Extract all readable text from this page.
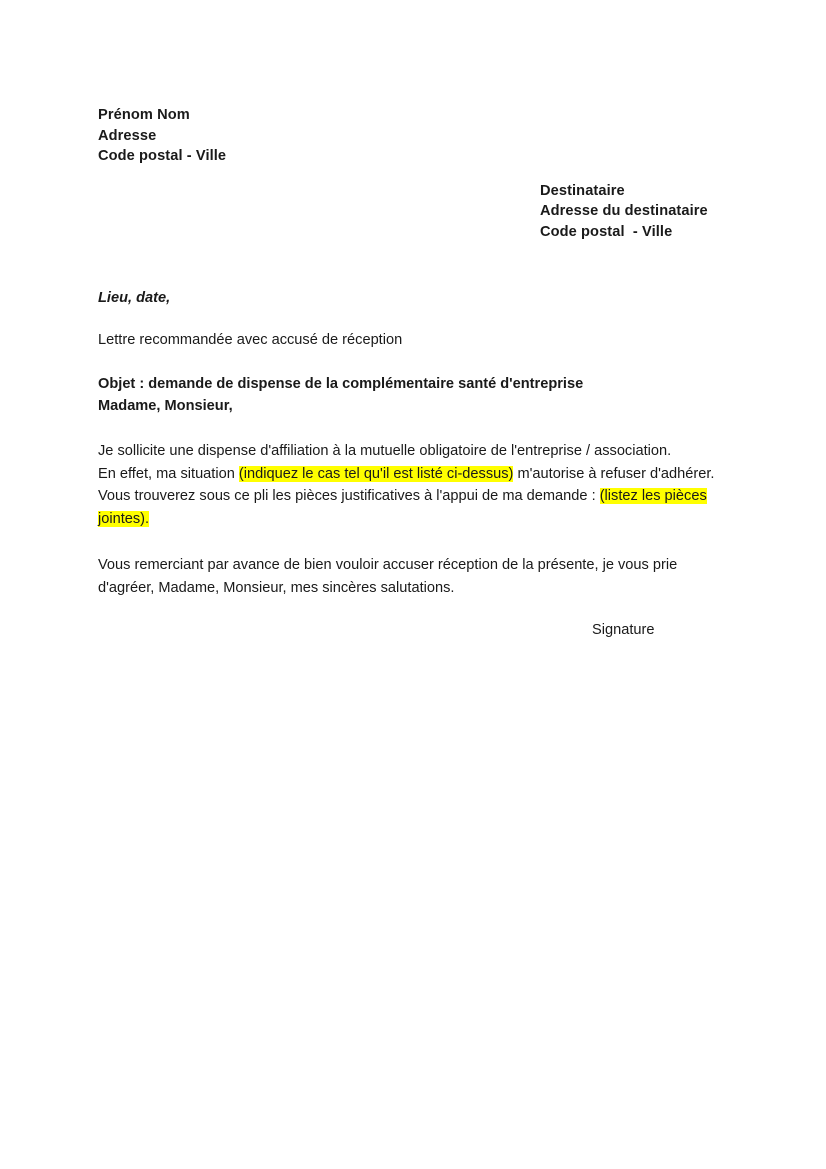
Prénom Nom
Adresse
Code postal - Ville
Destinataire
Adresse du destinataire
Code postal  - Ville

Lieu, date,

Lettre recommandée avec accusé de réception

Objet : demande de dispense de la complémentaire santé d'entreprise
Madame, Monsieur,

Je sollicite une dispense d'affiliation à la mutuelle obligatoire de l'entreprise / association.
En effet, ma situation (indiquez le cas tel qu'il est listé ci-dessus) m'autorise à refuser d'adhérer. Vous trouverez sous ce pli les pièces justificatives à l'appui de ma demande : (listez les pièces jointes).

Vous remerciant par avance de bien vouloir accuser réception de la présente, je vous prie d'agréer, Madame, Monsieur, mes sincères salutations.

Signature
